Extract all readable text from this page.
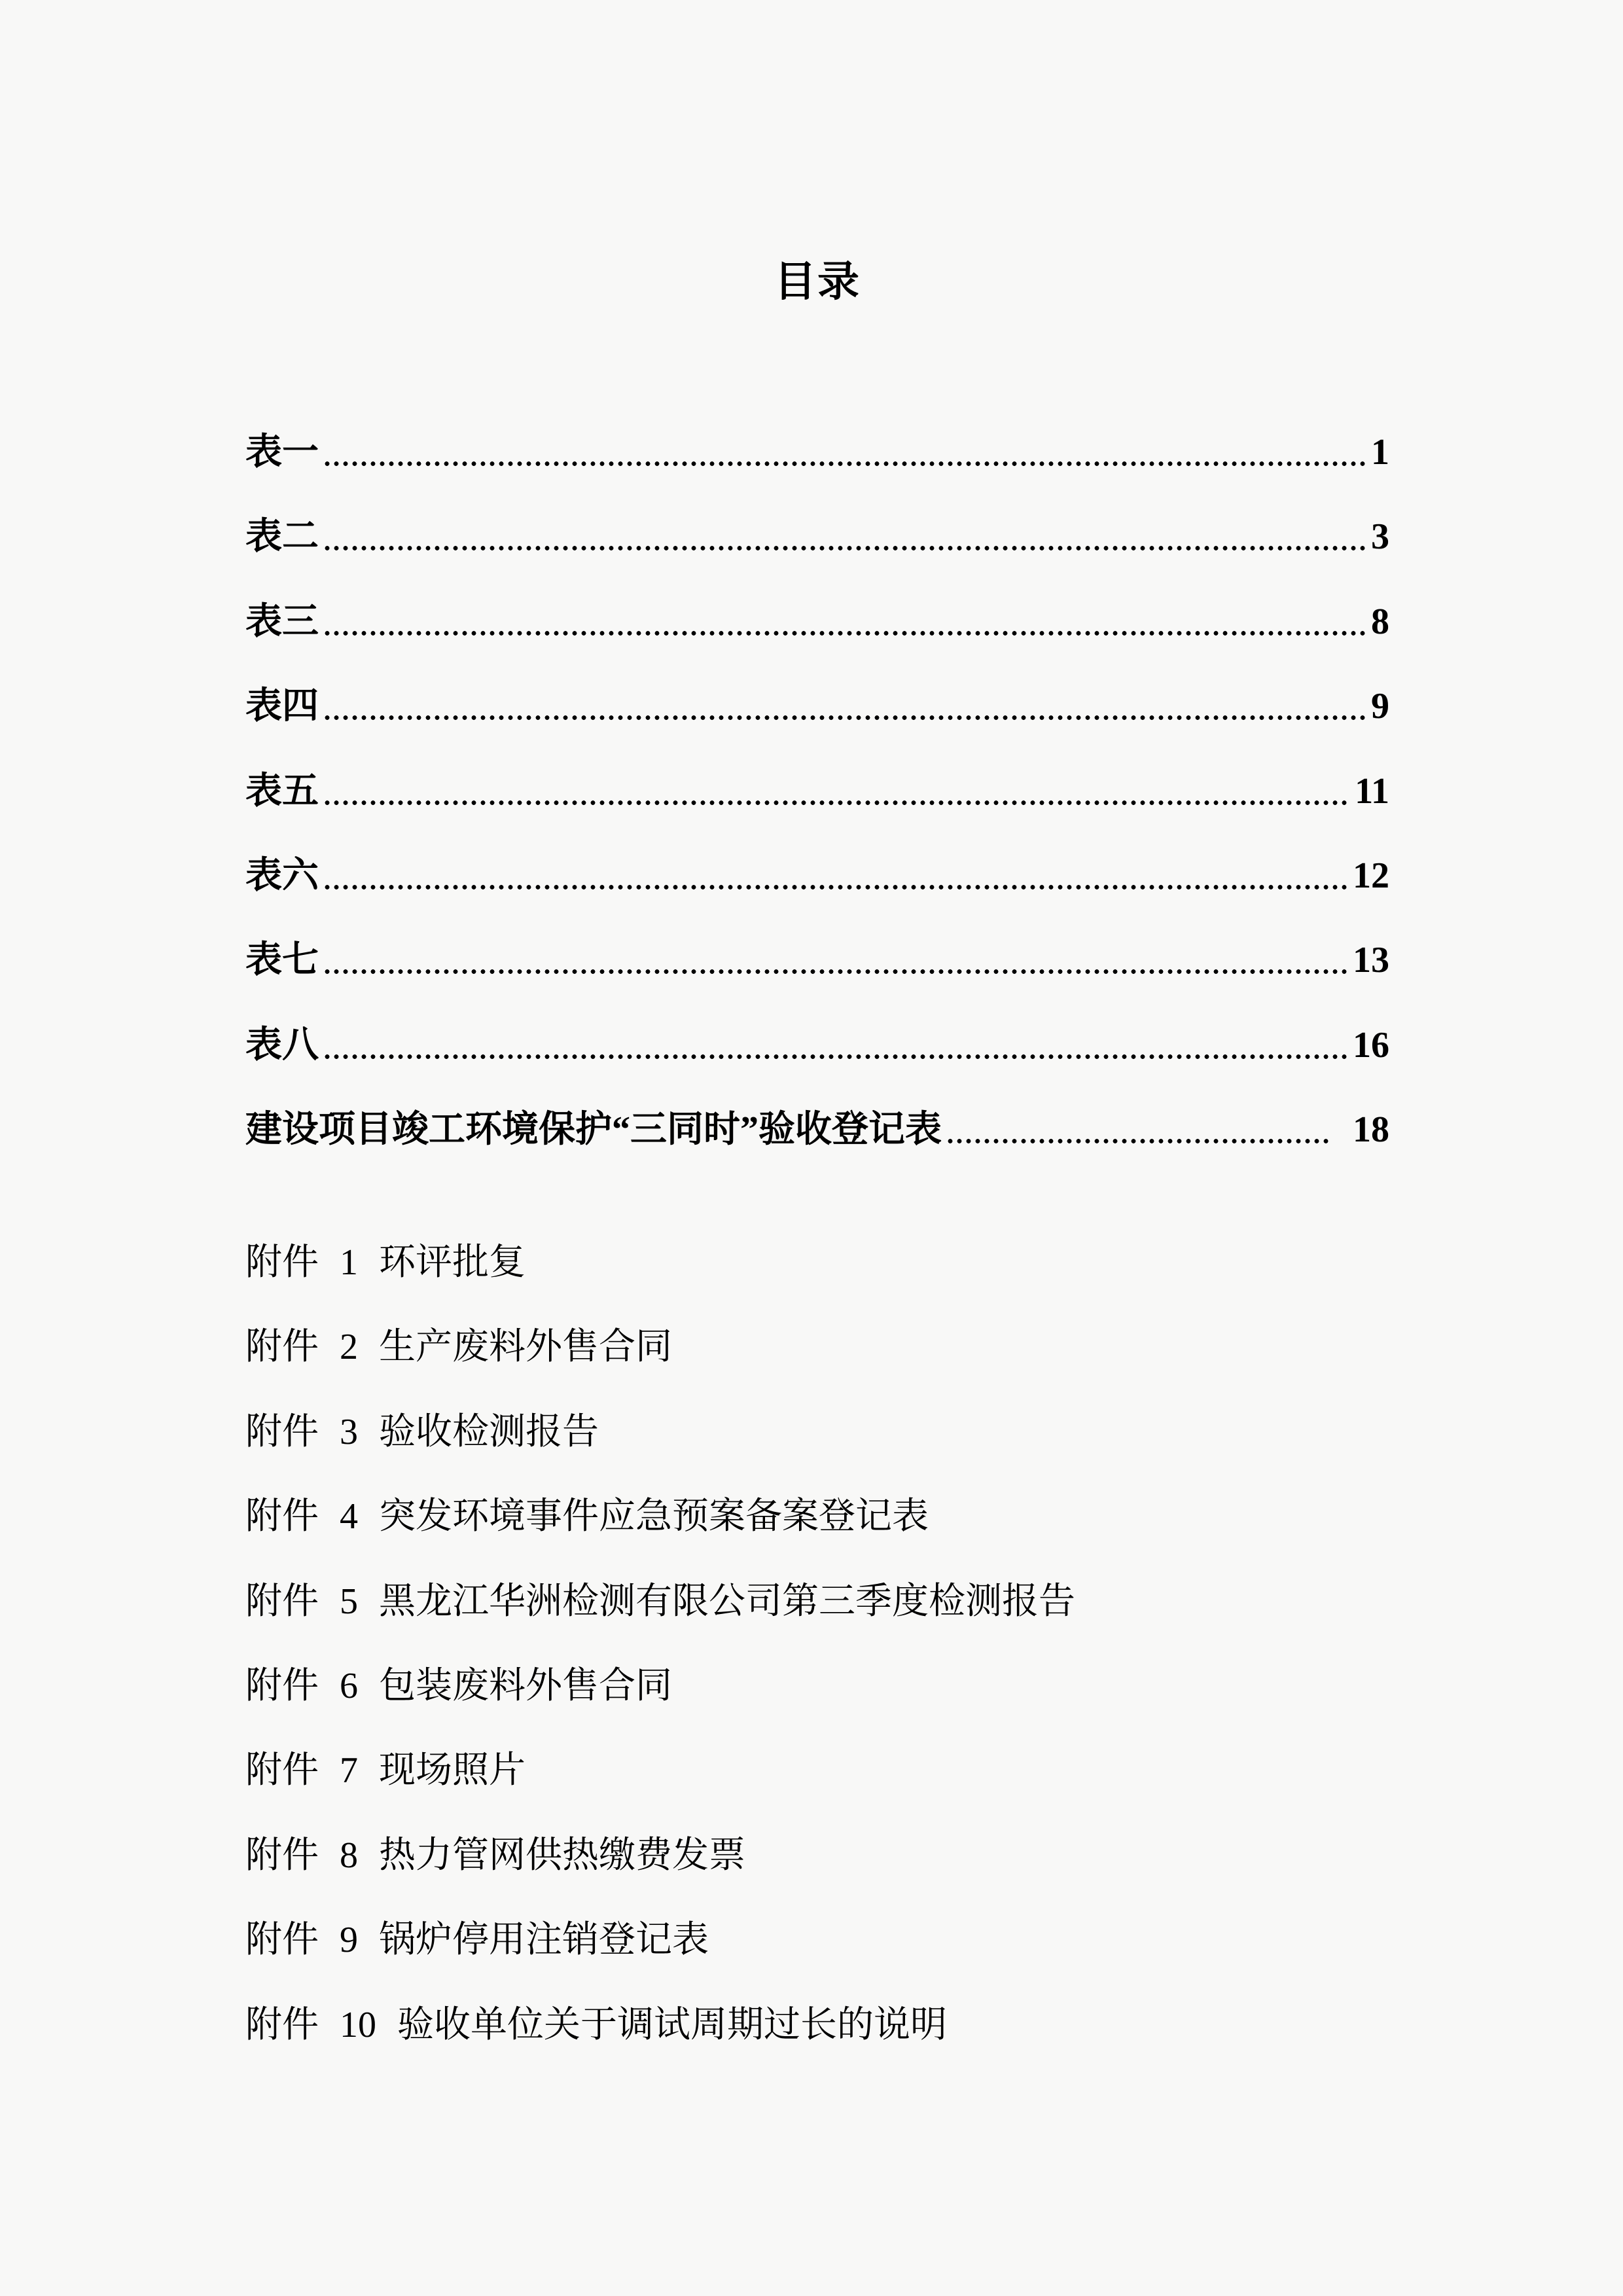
目录
表一	1
表二	3
表三	8
表四	9
表五	11
表六	12
表七	13
表八	16
建设项目竣工环境保护“三同时”验收登记表	18

附件 1 环评批复

附件 2 生产废料外售合同

附件 3 验收检测报告

附件 4 突发环境事件应急预案备案登记表

附件 5 黑龙江华洲检测有限公司第三季度检测报告

附件 6 包装废料外售合同

附件 7 现场照片

附件 8 热力管网供热缴费发票

附件 9 锅炉停用注销登记表

附件 10 验收单位关于调试周期过长的说明
